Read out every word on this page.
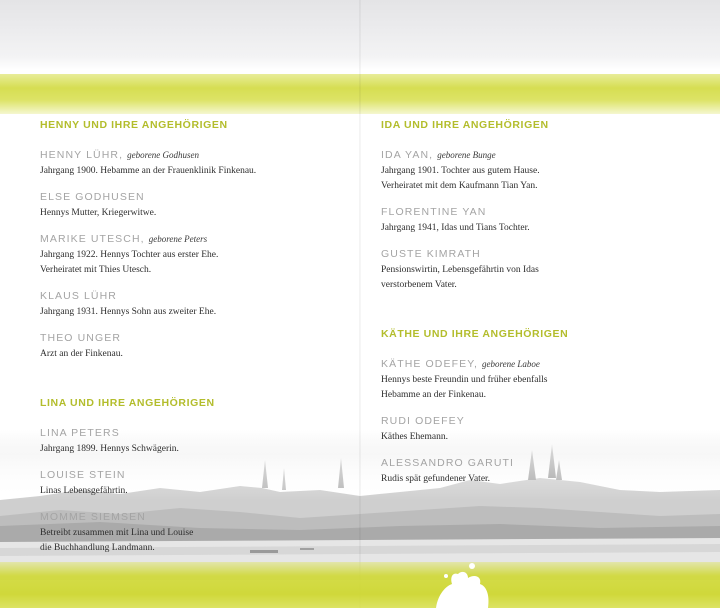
HENNY UND IHRE ANGEHÖRIGEN
HENNY LÜHR, geborene Godhusen
Jahrgang 1900. Hebamme an der Frauenklinik Finkenau.
ELSE GODHUSEN
Hennys Mutter, Kriegerwitwe.
MARIKE UTESCH, geborene Peters
Jahrgang 1922. Hennys Tochter aus erster Ehe.
Verheiratet mit Thies Utesch.
KLAUS LÜHR
Jahrgang 1931. Hennys Sohn aus zweiter Ehe.
THEO UNGER
Arzt an der Finkenau.
LINA UND IHRE ANGEHÖRIGEN
LINA PETERS
Jahrgang 1899. Hennys Schwägerin.
LOUISE STEIN
Linas Lebensgefährtin.
MOMME SIEMSEN
Betreibt zusammen mit Lina und Louise
die Buchhandlung Landmann.
IDA UND IHRE ANGEHÖRIGEN
IDA YAN, geborene Bunge
Jahrgang 1901. Tochter aus gutem Hause.
Verheiratet mit dem Kaufmann Tian Yan.
FLORENTINE YAN
Jahrgang 1941, Idas und Tians Tochter.
GUSTE KIMRATH
Pensionswirtin, Lebensgefährtin von Idas
verstorbenem Vater.
KÄTHE UND IHRE ANGEHÖRIGEN
KÄTHE ODEFEY, geborene Laboe
Hennys beste Freundin und früher ebenfalls
Hebamme an der Finkenau.
RUDI ODEFEY
Käthes Ehemann.
ALESSANDRO GARUTI
Rudis spät gefundener Vater.
